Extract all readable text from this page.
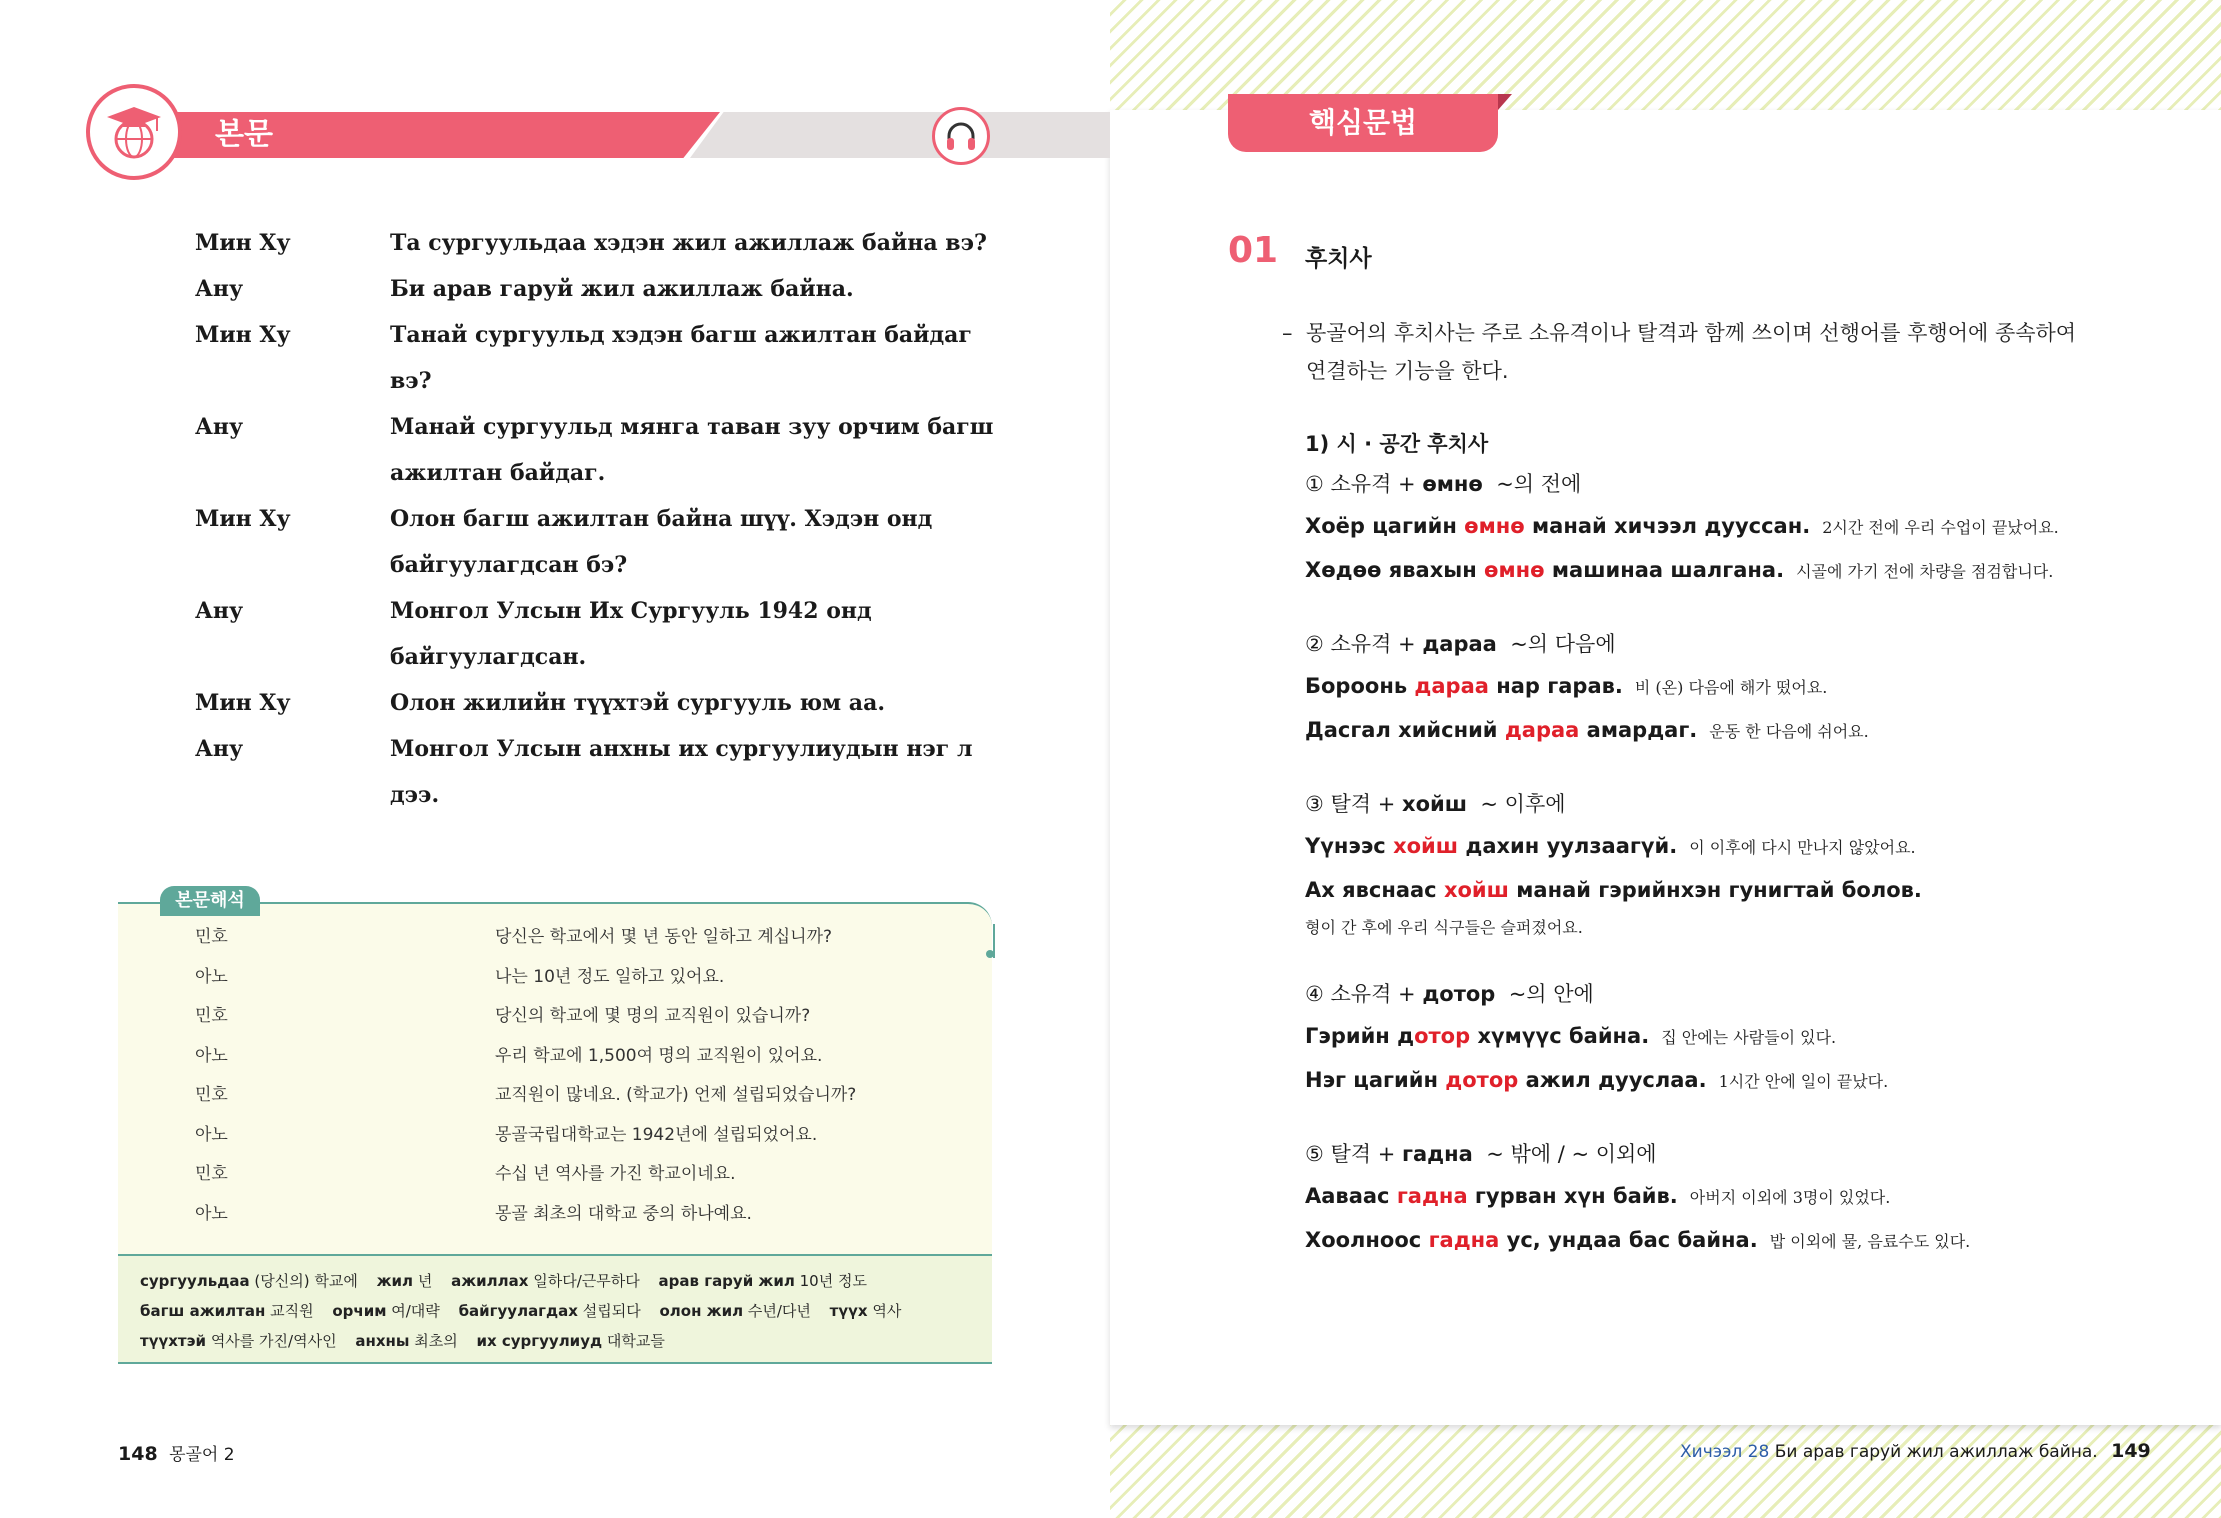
본문
Мин Ху	Та сургуульдаа хэдэн жил ажиллаж байна вэ?
Ану	Би арав гаруй жил ажиллаж байна.
Мин Ху	Танай сургуульд хэдэн багш ажилтан байдаг вэ?
Ану	Манай сургуульд мянга таван зуу орчим багш
ажилтан байдаг.
Мин Ху	Олон багш ажилтан байна шүү. Хэдэн онд
байгуулагдсан бэ?
Ану	Монгол Улсын Их Сургууль 1942 онд
байгуулагдсан.
Мин Ху	Олон жилийн түүхтэй сургууль юм аа.
Ану	Монгол Улсын анхны их сургуулиудын нэг л дээ.
본문해석
민호	당신은 학교에서 몇 년 동안 일하고 계십니까?
아노	나는 10년 정도 일하고 있어요.
민호	당신의 학교에 몇 명의 교직원이 있습니까?
아노	우리 학교에 1,500여 명의 교직원이 있어요.
민호	교직원이 많네요. (학교가) 언제 설립되었습니까?
아노	몽골국립대학교는 1942년에 설립되었어요.
민호	수십 년 역사를 가진 학교이네요.
아노	몽골 최초의 대학교 중의 하나예요.
сургуульдаа (당신의) 학교에 жил 년 ажиллах 일하다/근무하다 арав гаруй жил 10년 정도
багш ажилтан 교직원 орчим 여/대략 байгуулагдах 설립되다 олон жил 수년/다년 түүх 역사
түүхтэй 역사를 가진/역사인 анхны 최초의 их сургуулиуд 대학교들
148 몽골어 2
핵심문법
01 후치사
– 몽골어의 후치사는 주로 소유격이나 탈격과 함께 쓰이며 선행어를 후행어에 종속하여 연결하는 기능을 한다.
1) 시 · 공간 후치사
① 소유격 + өмнө ~의 전에
Хоёр цагийн өмнө манай хичээл дууссан. 2시간 전에 우리 수업이 끝났어요.
Хөдөө явахын өмнө машинаа шалгана. 시골에 가기 전에 차량을 점검합니다.
② 소유격 + дараа ~의 다음에
Бороонь дараа нар гарав. 비 (온) 다음에 해가 떴어요.
Дасгал хийсний дараа амардаг. 운동 한 다음에 쉬어요.
③ 탈격 + хойш ~ 이후에
Үүнээс хойш дахин уулзаагүй. 이 이후에 다시 만나지 않았어요.
Ах явснаас хойш манай гэрийнхэн гунигтай болов.
형이 간 후에 우리 식구들은 슬퍼졌어요.
④ 소유격 + дотор ~의 안에
Гэрийн дотор хүмүүс байна. 집 안에는 사람들이 있다.
Нэг цагийн дотор ажил дууслаа. 1시간 안에 일이 끝났다.
⑤ 탈격 + гадна ~ 밖에 / ~ 이외에
Ааваас гадна гурван хүн байв. 아버지 이외에 3명이 있었다.
Хоолноос гадна ус, ундаа бас байна. 밥 이외에 물, 음료수도 있다.
Хичээл 28 Би арав гаруй жил ажиллаж байна. 149
